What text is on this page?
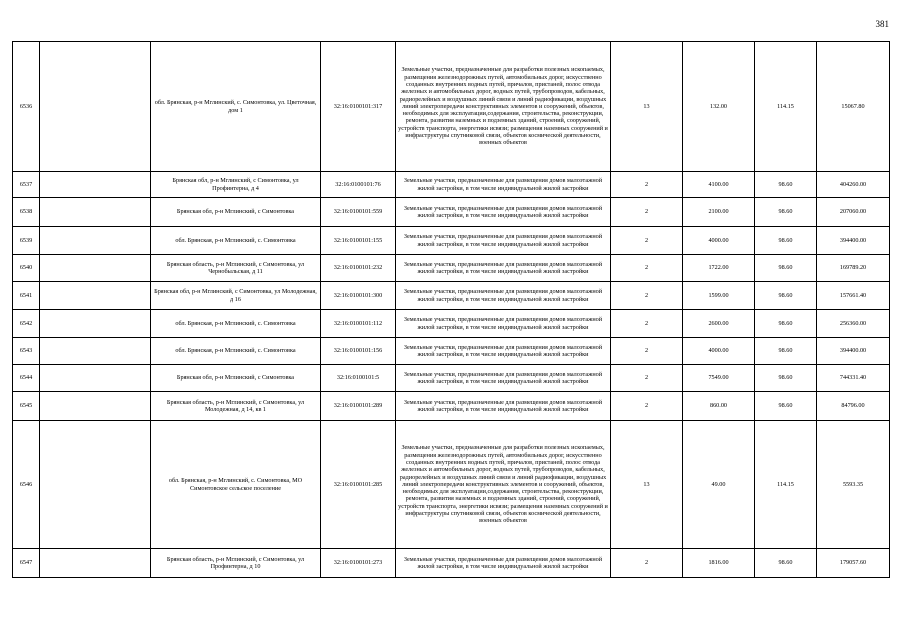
381
6536		обл. Брянская, р-н Мглинский, с. Симонтовка, ул. Цветочная, дом 1	32:16:0100101:317	Земельные участки, предназначенные для разработки полезных ископаемых, размещения железнодорожных путей, автомобильных дорог, искусственно созданных внутренних водных путей, причалов, пристаней, полос отвода железных и автомобильных дорог, водных путей, трубопроводов, кабельных, радиорелейных и воздушных линий связи и линий радиофикации, воздушных линий электропередачи конструктивных элементов и сооружений, объектов, необходимых для эксплуатации,содержания, строительства, реконструкции, ремонта, развития наземных и подземных зданий, строений, сооружений, устройств транспорта, энергетики иcвязи; размещения наземных сооружений и инфраструктуры спутниковой связи, объектов космической деятельности, военных объектов	13	132.00	114.15	15067.80
6537		Брянская обл, р-н Мглинский, с Симонтовка, ул Профинтерна, д 4	32:16:0100101:76	Земельные участки, предназначенные для размещения домов малоэтажной жилой застройки, в том числе индивидуальной жилой застройки	2	4100.00	98.60	404260.00
6538		Брянская обл, р-н Мглинский, с Симонтовка	32:16:0100101:559	Земельные участки, предназначенные для размещения домов малоэтажной жилой застройки, в том числе индивидуальной жилой застройки	2	2100.00	98.60	207060.00
6539		обл. Брянская, р-н Мглинский, с. Симонтовка	32:16:0100101:155	Земельные участки, предназначенные для размещения домов малоэтажной жилой застройки, в том числе индивидуальной жилой застройки	2	4000.00	98.60	394400.00
6540		Брянская область, р-н Мглинский, с Симонтовка, ул Чернобыльская, д 11	32:16:0100101:232	Земельные участки, предназначенные для размещения домов малоэтажной жилой застройки, в том числе индивидуальной жилой застройки	2	1722.00	98.60	169789.20
6541		Брянская обл, р-н Мглинский, с Симонтовка, ул Молодежная, д 16	32:16:0100101:300	Земельные участки, предназначенные для размещения домов малоэтажной жилой застройки, в том числе индивидуальной жилой застройки	2	1599.00	98.60	157661.40
6542		обл. Брянская, р-н Мглинский, с. Симонтовка	32:16:0100101:112	Земельные участки, предназначенные для размещения домов малоэтажной жилой застройки, в том числе индивидуальной жилой застройки	2	2600.00	98.60	256360.00
6543		обл. Брянская, р-н Мглинский, с. Симонтовка	32:16:0100101:156	Земельные участки, предназначенные для размещения домов малоэтажной жилой застройки, в том числе индивидуальной жилой застройки	2	4000.00	98.60	394400.00
6544		Брянская обл, р-н Мглинский, с Симонтовка	32:16:0100101:5	Земельные участки, предназначенные для размещения домов малоэтажной жилой застройки, в том числе индивидуальной жилой застройки	2	7549.00	98.60	744331.40
6545		Брянская область, р-н Мглинский, с Симонтовка, ул Молодежная, д 14, кв 1	32:16:0100101:289	Земельные участки, предназначенные для размещения домов малоэтажной жилой застройки, в том числе индивидуальной жилой застройки	2	860.00	98.60	84796.00
6546		обл. Брянская, р-н Мглинский, с. Симонтовка, МО Симонтовское сельское поселение	32:16:0100101:285	Земельные участки, предназначенные для разработки полезных ископаемых, размещения железнодорожных путей, автомобильных дорог, искусственно созданных внутренних водных путей, причалов, пристаней, полос отвода железных и автомобильных дорог, водных путей, трубопроводов, кабельных, радиорелейных и воздушных линий связи и линий радиофикации, воздушных линий электропередачи конструктивных элементов и сооружений, объектов, необходимых для эксплуатации,содержания, строительства, реконструкции, ремонта, развития наземных и подземных зданий, строений, сооружений, устройств транспорта, энергетики иcвязи; размещения наземных сооружений и инфраструктуры спутниковой связи, объектов космической деятельности, военных объектов	13	49.00	114.15	5593.35
6547		Брянская область, р-н Мглинский, с Симонтовка, ул Профинтерна, д 10	32:16:0100101:273	Земельные участки, предназначенные для размещения домов малоэтажной жилой застройки, в том числе индивидуальной жилой застройки	2	1816.00	98.60	179057.60
